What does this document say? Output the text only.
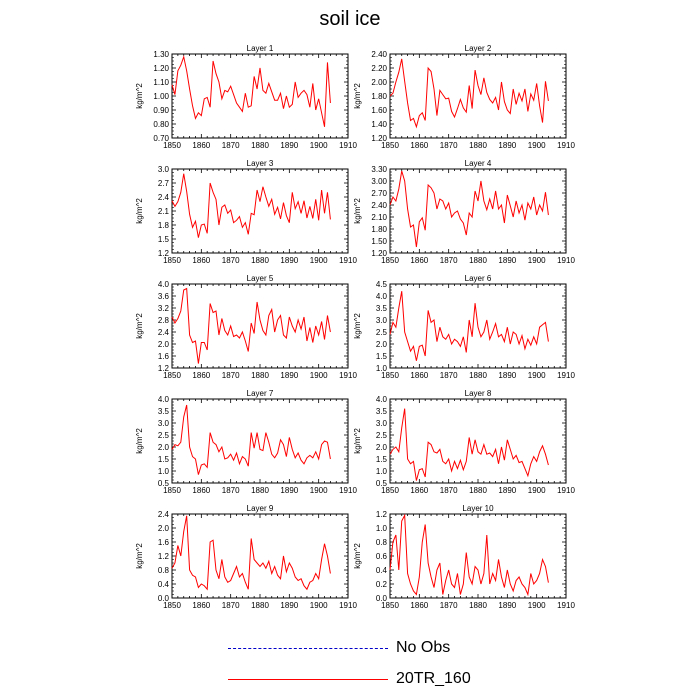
soil ice
Layer 1
kg/m^2
1850 1860 1870 1880 1890 1900 1910
0.70
0.80
0.90
1.00
1.10
1.20
1.30
Layer 2
kg/m^2
1850 1860 1870 1880 1890 1900 1910
1.20
1.40
1.60
1.80
2.00
2.20
2.40
Layer 3
kg/m^2
1850 1860 1870 1880 1890 1900 1910
1.2
1.5
1.8
2.1
2.4
2.7
3.0
Layer 4
kg/m^2
1850 1860 1870 1880 1890 1900 1910
1.20
1.50
1.80
2.10
2.40
2.70
3.00
3.30
Layer 5
kg/m^2
1850 1860 1870 1880 1890 1900 1910
1.2
1.6
2.0
2.4
2.8
3.2
3.6
4.0
Layer 6
kg/m^2
1850 1860 1870 1880 1890 1900 1910
1.0
1.5
2.0
2.5
3.0
3.5
4.0
4.5
Layer 7
kg/m^2
1850 1860 1870 1880 1890 1900 1910
0.5
1.0
1.5
2.0
2.5
3.0
3.5
4.0
Layer 8
kg/m^2
1850 1860 1870 1880 1890 1900 1910
0.5
1.0
1.5
2.0
2.5
3.0
3.5
4.0
Layer 9
kg/m^2
1850 1860 1870 1880 1890 1900 1910
0.0
0.4
0.8
1.2
1.6
2.0
2.4
Layer 10
kg/m^2
1850 1860 1870 1880 1890 1900 1910
0.0
0.2
0.4
0.6
0.8
1.0
1.2
No Obs
20TR_160
